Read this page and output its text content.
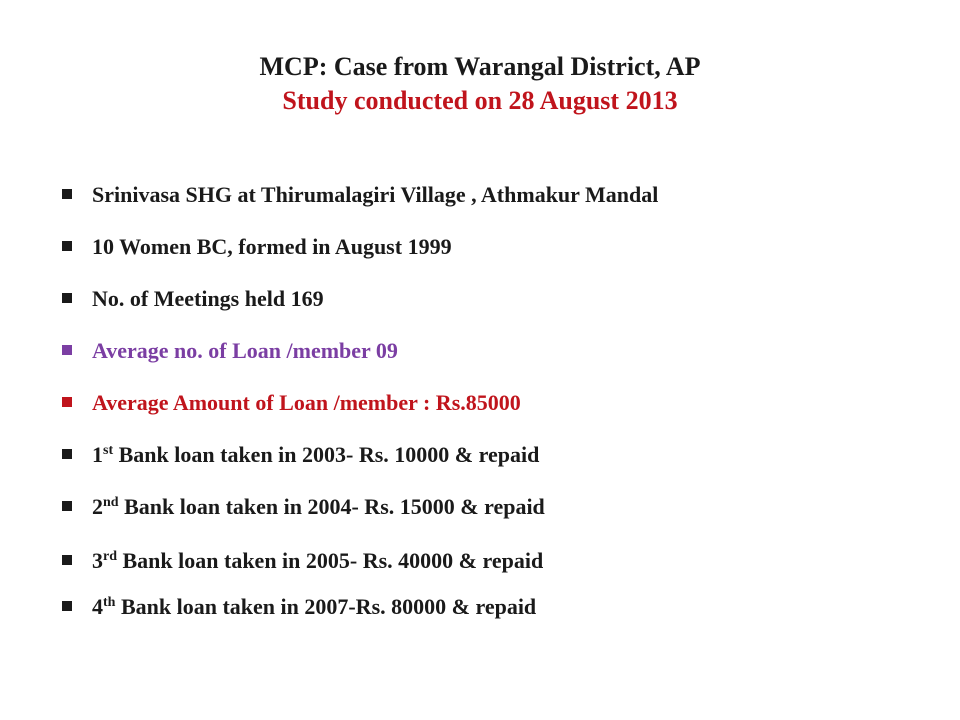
MCP: Case from Warangal District, AP
Study conducted on 28 August 2013
Srinivasa SHG at Thirumalagiri Village , Athmakur Mandal
10 Women BC, formed in August 1999
No. of Meetings held 169
Average no. of Loan /member 09
Average Amount of Loan /member : Rs.85000
1st Bank loan taken in 2003- Rs. 10000 & repaid
2nd Bank loan taken in 2004- Rs. 15000 & repaid
3rd Bank loan taken in 2005- Rs. 40000 & repaid
4th Bank loan taken in 2007-Rs. 80000 & repaid
